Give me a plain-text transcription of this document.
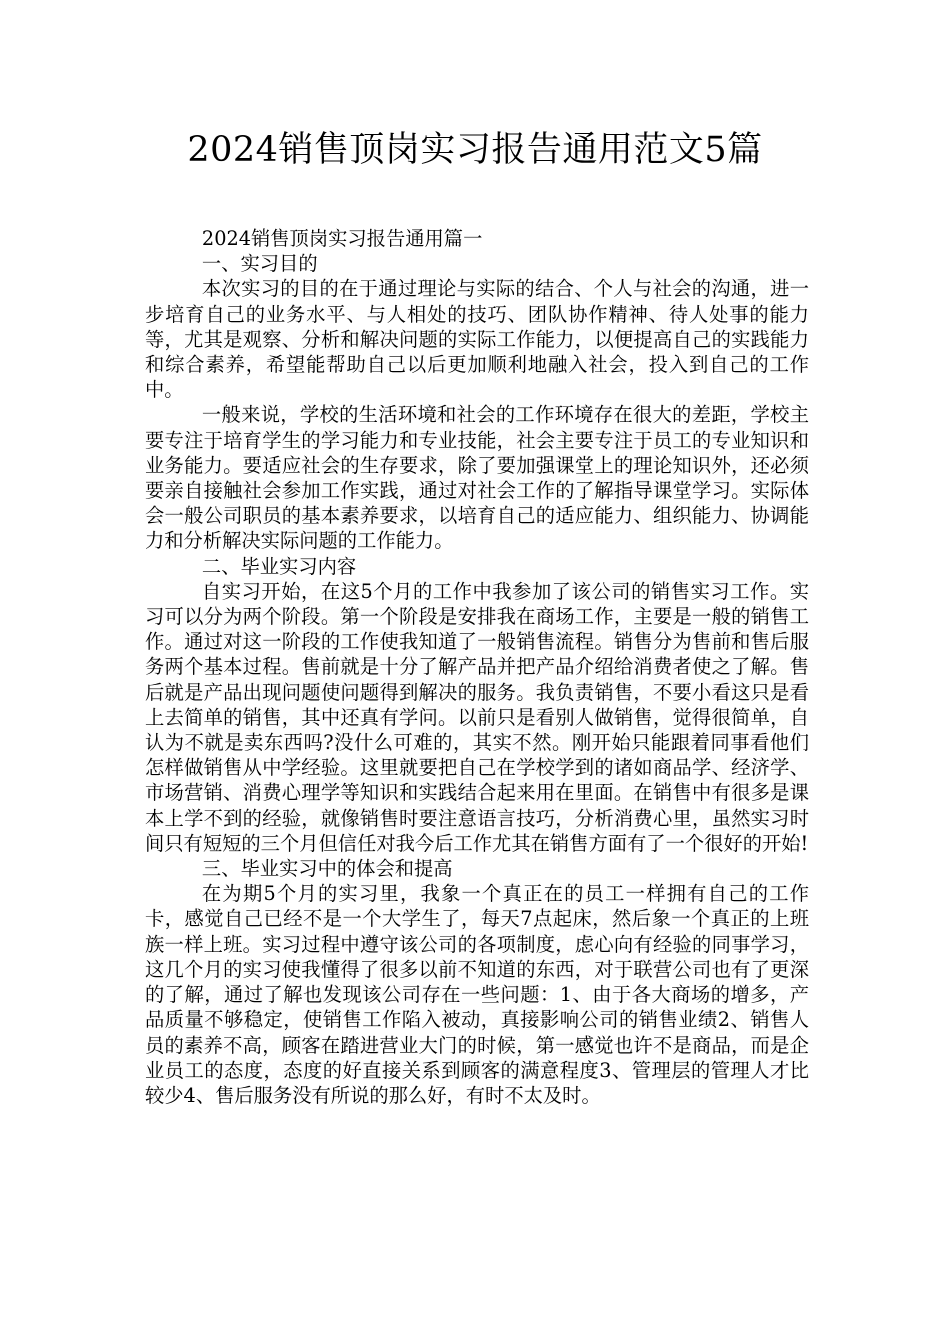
2024销售顶岗实习报告通用范文5篇

2024销售顶岗实习报告通用篇一

一、实习目的

本次实习的目的在于通过理论与实际的结合、个人与社会的沟通，进一步培育自己的业务水平、与人相处的技巧、团队协作精神、待人处事的能力等，尤其是观察、分析和解决问题的实际工作能力，以便提高自己的实践能力和综合素养，希望能帮助自己以后更加顺利地融入社会，投入到自己的工作中。

一般来说，学校的生活环境和社会的工作环境存在很大的差距，学校主要专注于培育学生的学习能力和专业技能，社会主要专注于员工的专业知识和业务能力。要适应社会的生存要求，除了要加强课堂上的理论知识外，还必须要亲自接触社会参加工作实践，通过对社会工作的了解指导课堂学习。实际体会一般公司职员的基本素养要求，以培育自己的适应能力、组织能力、协调能力和分析解决实际问题的工作能力。

二、毕业实习内容

自实习开始，在这5个月的工作中我参加了该公司的销售实习工作。实习可以分为两个阶段。第一个阶段是安排我在商场工作，主要是一般的销售工作。通过对这一阶段的工作使我知道了一般销售流程。销售分为售前和售后服务两个基本过程。售前就是十分了解产品并把产品介绍给消费者使之了解。售后就是产品出现问题使问题得到解决的服务。我负责销售，不要小看这只是看上去简单的销售，其中还真有学问。以前只是看别人做销售，觉得很简单，自认为不就是卖东西吗?没什么可难的，其实不然。刚开始只能跟着同事看他们怎样做销售从中学经验。这里就要把自己在学校学到的诸如商品学、经济学、市场营销、消费心理学等知识和实践结合起来用在里面。在销售中有很多是课本上学不到的经验，就像销售时要注意语言技巧，分析消费心里，虽然实习时间只有短短的三个月但信任对我今后工作尤其在销售方面有了一个很好的开始!

三、毕业实习中的体会和提高

在为期5个月的实习里，我象一个真正在的员工一样拥有自己的工作卡，感觉自己已经不是一个大学生了，每天7点起床，然后象一个真正的上班族一样上班。实习过程中遵守该公司的各项制度，虑心向有经验的同事学习，这几个月的实习使我懂得了很多以前不知道的东西，对于联营公司也有了更深的了解，通过了解也发现该公司存在一些问题：1、由于各大商场的增多，产品质量不够稳定，使销售工作陷入被动，真接影响公司的销售业绩2、销售人员的素养不高，顾客在踏进营业大门的时候，第一感觉也许不是商品，而是企业员工的态度，态度的好直接关系到顾客的满意程度3、管理层的管理人才比较少4、售后服务没有所说的那么好，有时不太及时。
